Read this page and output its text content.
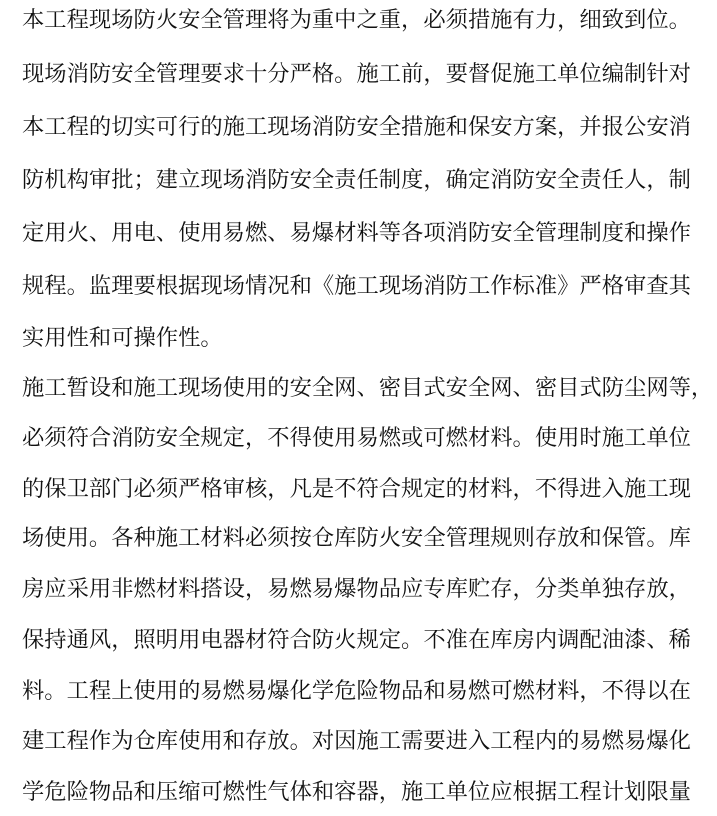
本工程现场防火安全管理将为重中之重，必须措施有力，细致到位。
现场消防安全管理要求十分严格。施工前，要督促施工单位编制针对
本工程的切实可行的施工现场消防安全措施和保安方案，并报公安消
防机构审批；建立现场消防安全责任制度，确定消防安全责任人，制
定用火、用电、使用易燃、易爆材料等各项消防安全管理制度和操作
规程。监理要根据现场情况和《施工现场消防工作标准》严格审查其
实用性和可操作性。
施工暂设和施工现场使用的安全网、密目式安全网、密目式防尘网等，
必须符合消防安全规定，不得使用易燃或可燃材料。使用时施工单位
的保卫部门必须严格审核，凡是不符合规定的材料，不得进入施工现
场使用。各种施工材料必须按仓库防火安全管理规则存放和保管。库
房应采用非燃材料搭设，易燃易爆物品应专库贮存，分类单独存放，
保持通风，照明用电器材符合防火规定。不准在库房内调配油漆、稀
料。工程上使用的易燃易爆化学危险物品和易燃可燃材料，不得以在
建工程作为仓库使用和存放。对因施工需要进入工程内的易燃易爆化
学危险物品和压缩可燃性气体和容器，施工单位应根据工程计划限量
